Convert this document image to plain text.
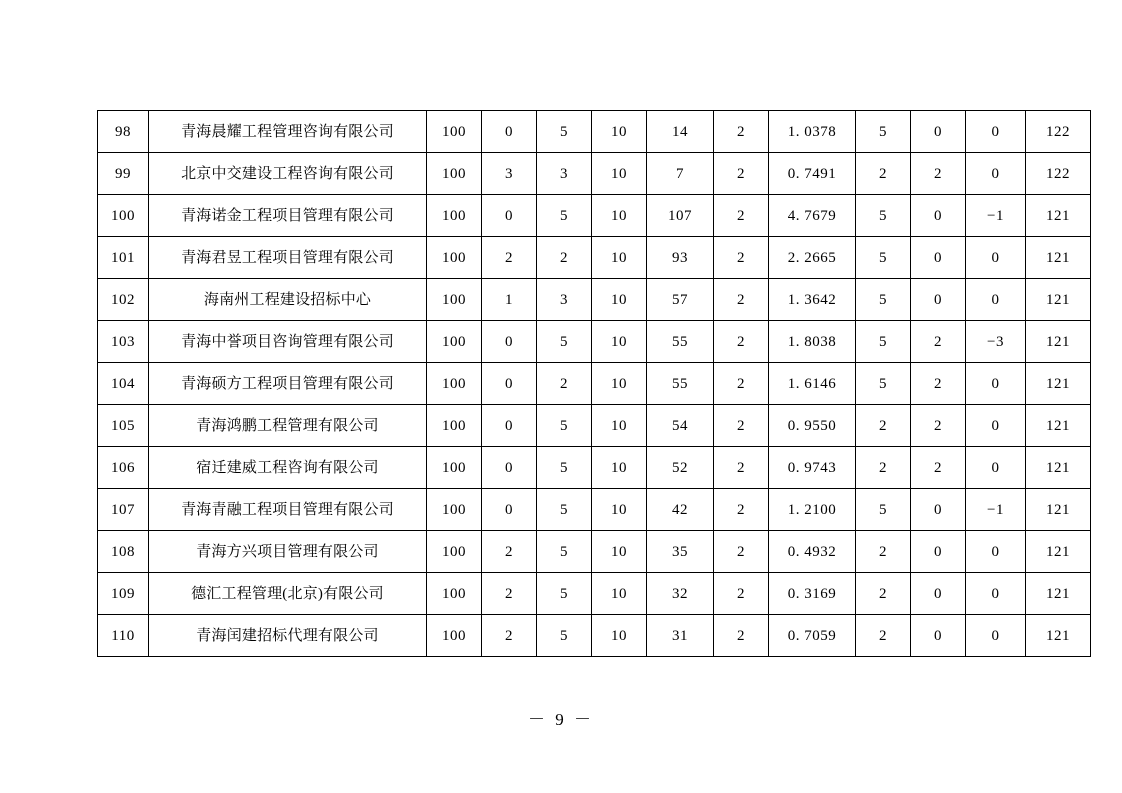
98	青海晨耀工程管理咨询有限公司	100	0	5	10	14	2	1. 0378	5	0	0	122
99	北京中交建设工程咨询有限公司	100	3	3	10	7	2	0. 7491	2	2	0	122
100	青海诺金工程项目管理有限公司	100	0	5	10	107	2	4. 7679	5	0	−1	121
101	青海君昱工程项目管理有限公司	100	2	2	10	93	2	2. 2665	5	0	0	121
102	海南州工程建设招标中心	100	1	3	10	57	2	1. 3642	5	0	0	121
103	青海中誉项目咨询管理有限公司	100	0	5	10	55	2	1. 8038	5	2	−3	121
104	青海硕方工程项目管理有限公司	100	0	2	10	55	2	1. 6146	5	2	0	121
105	青海鸿鹏工程管理有限公司	100	0	5	10	54	2	0. 9550	2	2	0	121
106	宿迁建威工程咨询有限公司	100	0	5	10	52	2	0. 9743	2	2	0	121
107	青海青融工程项目管理有限公司	100	0	5	10	42	2	1. 2100	5	0	−1	121
108	青海方兴项目管理有限公司	100	2	5	10	35	2	0. 4932	2	0	0	121
109	德汇工程管理(北京)有限公司	100	2	5	10	32	2	0. 3169	2	0	0	121
110	青海闰建招标代理有限公司	100	2	5	10	31	2	0. 7059	2	0	0	121
－ 9 －
